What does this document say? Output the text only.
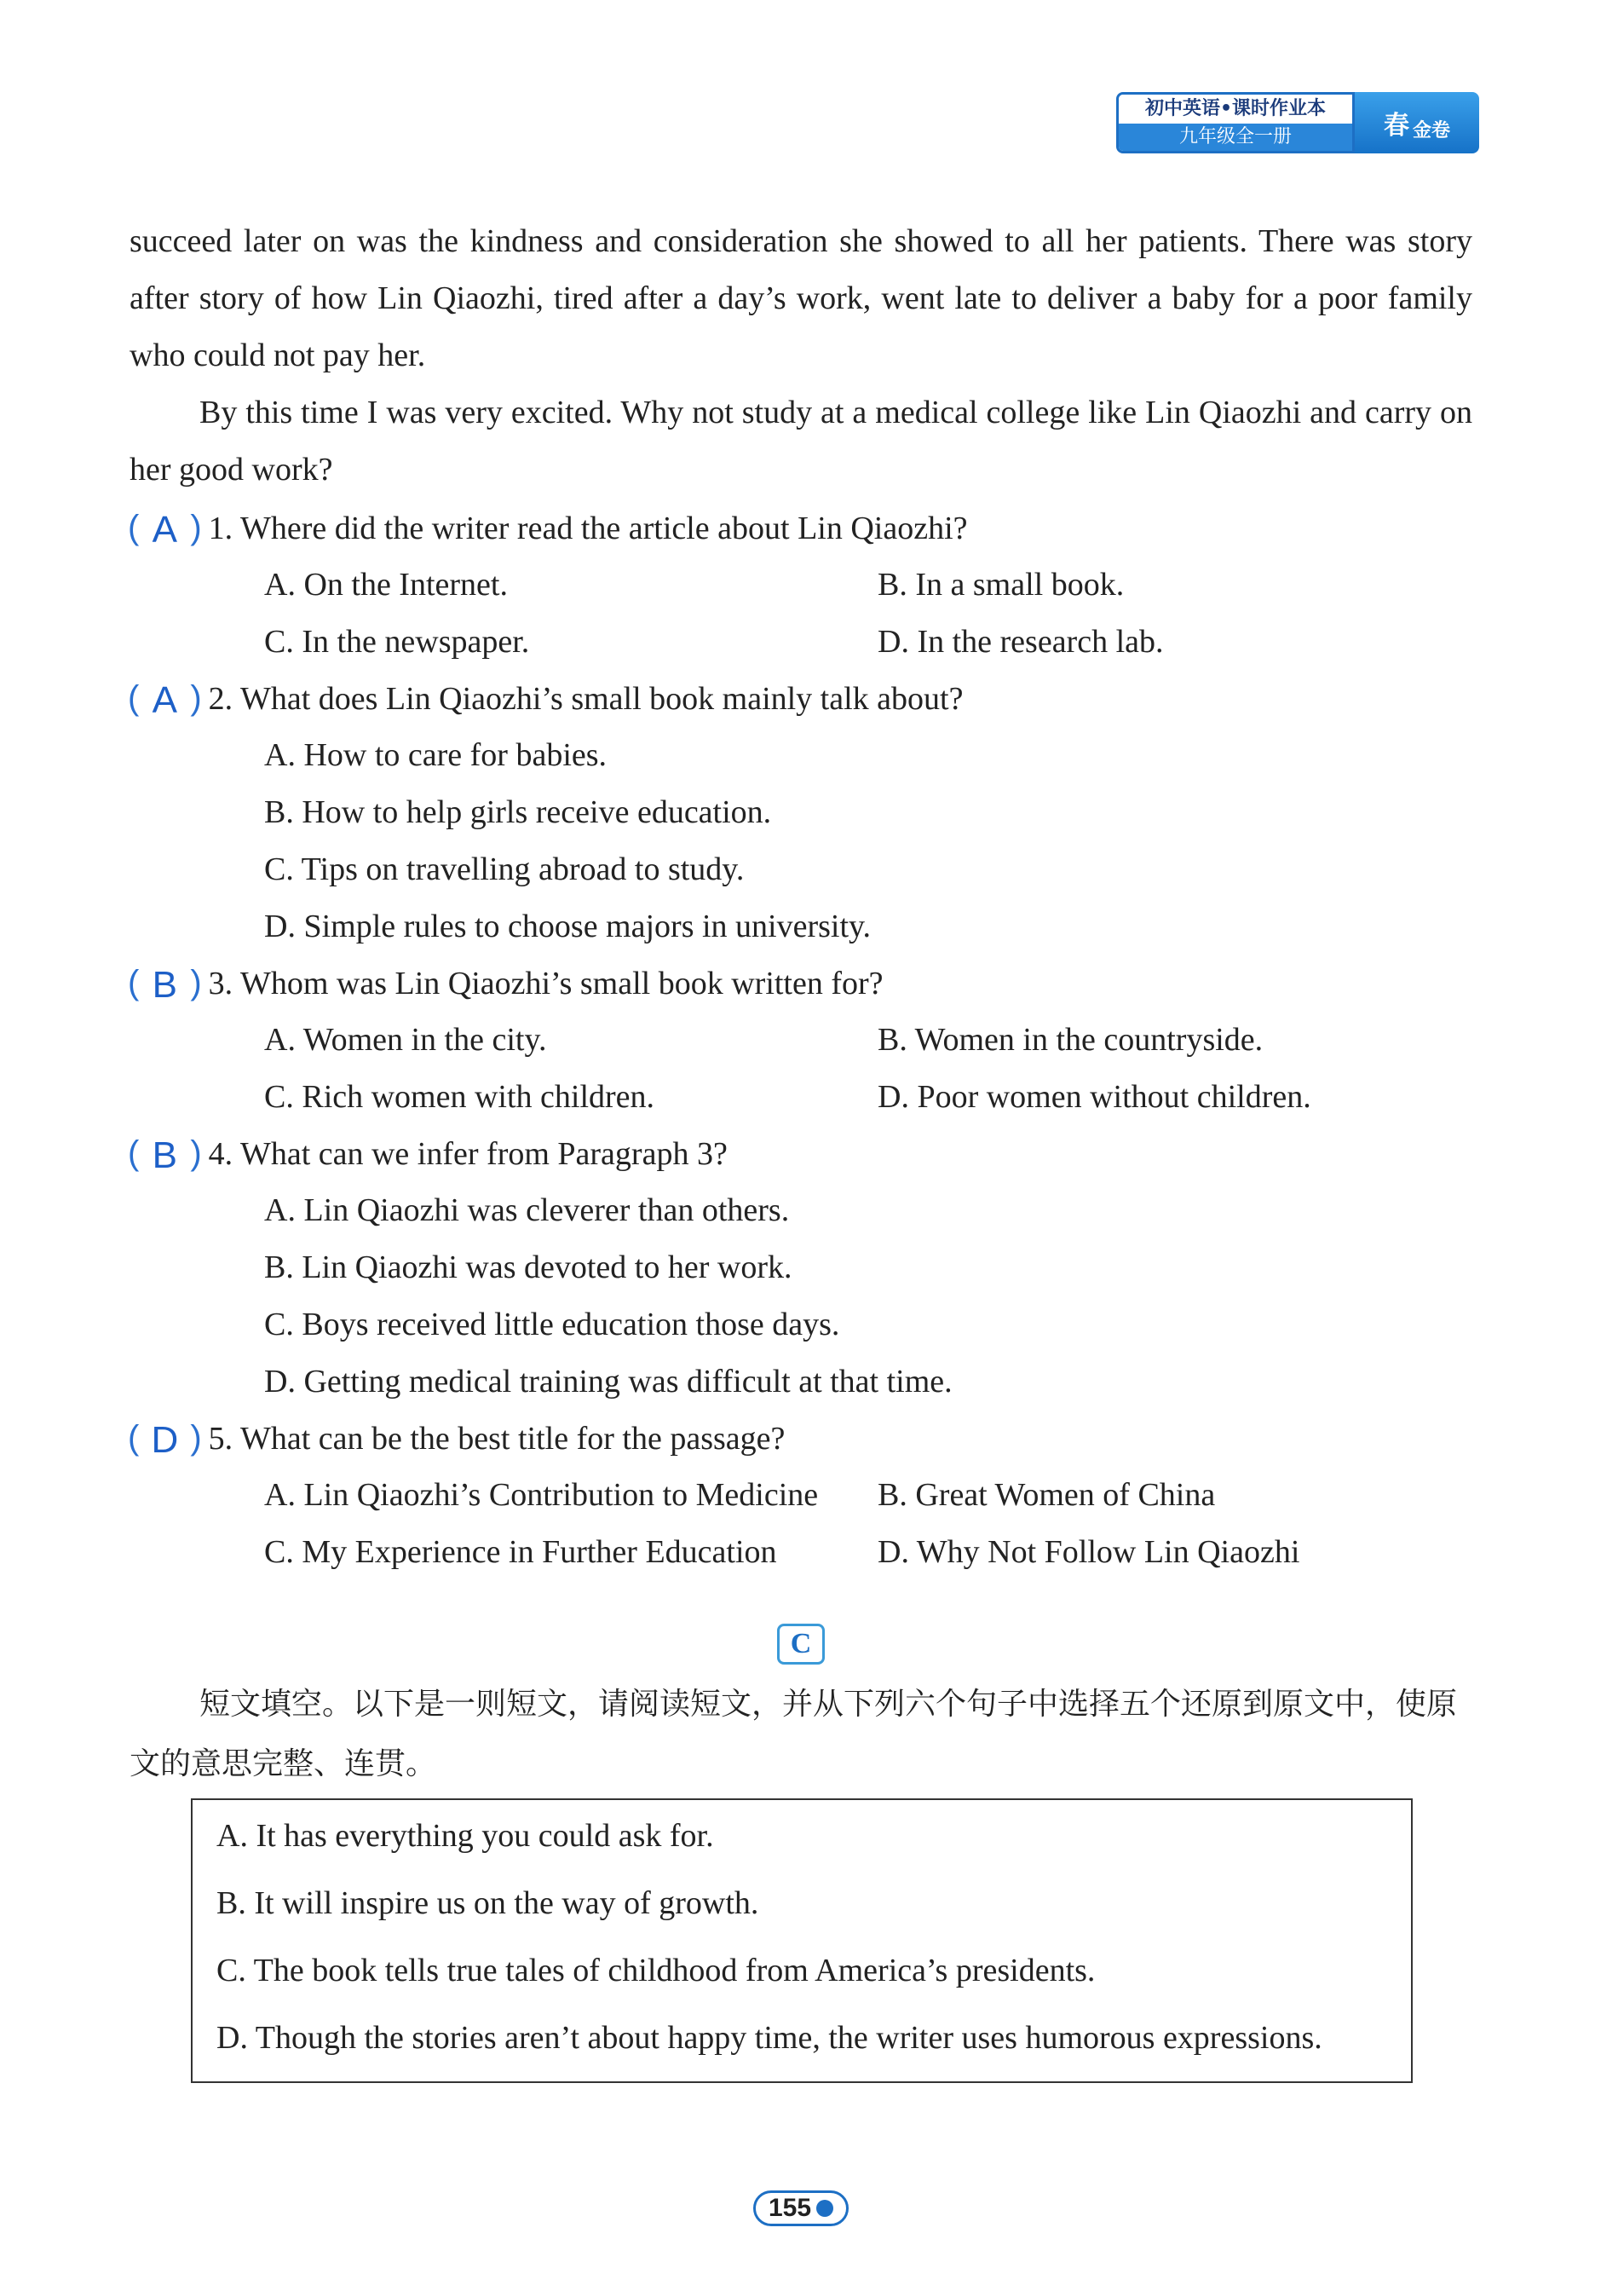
初中英语•课时作业本
九年级全一册	春 金卷
succeed later on was the kindness and consideration she showed to all her patients. There was story after story of how Lin Qiaozhi, tired after a day’s work, went late to deliver a baby for a poor family who could not pay her.
By this time I was very excited. Why not study at a medical college like Lin Qiaozhi and carry on her good work?
( A ) 1. Where did the writer read the article about Lin Qiaozhi?
A. On the Internet.	B. In a small book.
C. In the newspaper.	D. In the research lab.
( A ) 2. What does Lin Qiaozhi’s small book mainly talk about?
A. How to care for babies.
B. How to help girls receive education.
C. Tips on travelling abroad to study.
D. Simple rules to choose majors in university.
( B ) 3. Whom was Lin Qiaozhi’s small book written for?
A. Women in the city.	B. Women in the countryside.
C. Rich women with children.	D. Poor women without children.
( B ) 4. What can we infer from Paragraph 3?
A. Lin Qiaozhi was cleverer than others.
B. Lin Qiaozhi was devoted to her work.
C. Boys received little education those days.
D. Getting medical training was difficult at that time.
( D ) 5. What can be the best title for the passage?
A. Lin Qiaozhi’s Contribution to Medicine B. Great Women of China
C. My Experience in Further Education	D. Why Not Follow Lin Qiaozhi
C
短文填空。以下是一则短文，请阅读短文，并从下列六个句子中选择五个还原到原文中，使原文的意思完整、连贯。
A. It has everything you could ask for.
B. It will inspire us on the way of growth.
C. The book tells true tales of childhood from America’s presidents.
D. Though the stories aren’t about happy time, the writer uses humorous expressions.
155
